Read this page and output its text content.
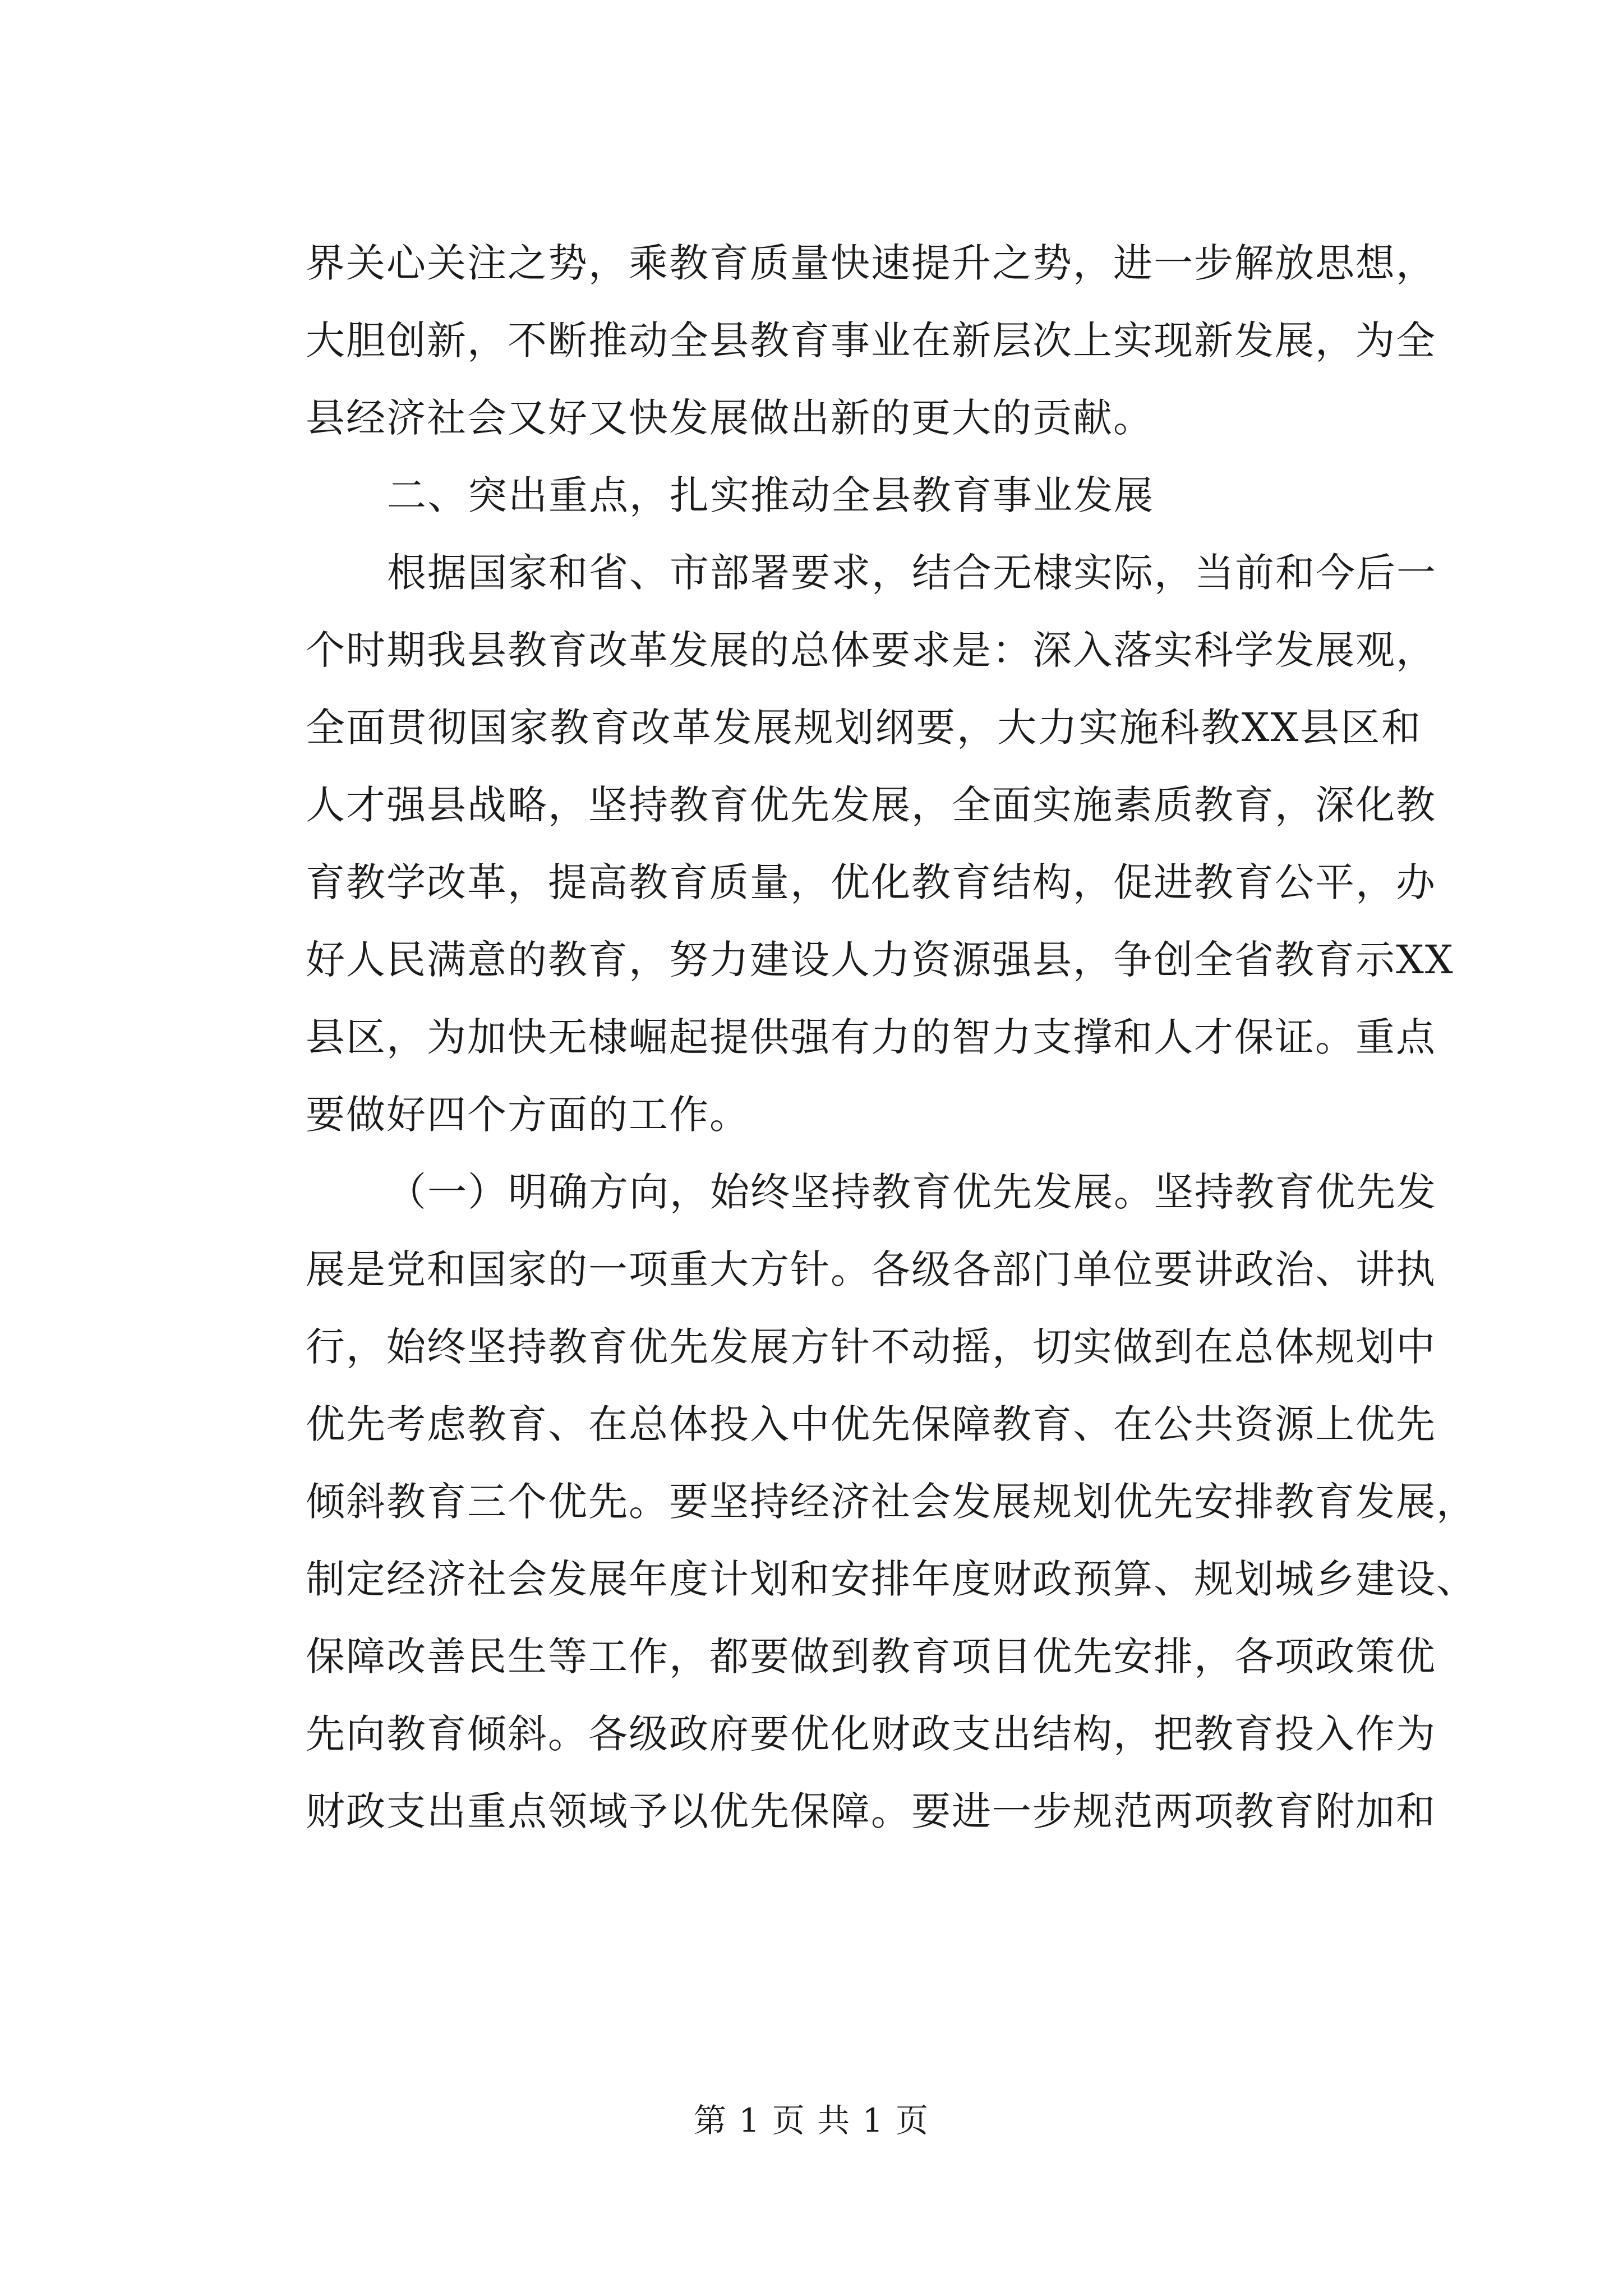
界关心关注之势，乘教育质量快速提升之势，进一步解放思想，
大胆创新，不断推动全县教育事业在新层次上实现新发展，为全
县经济社会又好又快发展做出新的更大的贡献。
二、突出重点，扎实推动全县教育事业发展
根据国家和省、市部署要求，结合无棣实际，当前和今后一
个时期我县教育改革发展的总体要求是：深入落实科学发展观，
全面贯彻国家教育改革发展规划纲要，大力实施科教XX县区和
人才强县战略，坚持教育优先发展，全面实施素质教育，深化教
育教学改革，提高教育质量，优化教育结构，促进教育公平，办
好人民满意的教育，努力建设人力资源强县，争创全省教育示XX
县区，为加快无棣崛起提供强有力的智力支撑和人才保证。重点
要做好四个方面的工作。
（一）明确方向，始终坚持教育优先发展。坚持教育优先发
展是党和国家的一项重大方针。各级各部门单位要讲政治、讲执
行，始终坚持教育优先发展方针不动摇，切实做到在总体规划中
优先考虑教育、在总体投入中优先保障教育、在公共资源上优先
倾斜教育三个优先。要坚持经济社会发展规划优先安排教育发展，
制定经济社会发展年度计划和安排年度财政预算、规划城乡建设、
保障改善民生等工作，都要做到教育项目优先安排，各项政策优
先向教育倾斜。各级政府要优化财政支出结构，把教育投入作为
财政支出重点领域予以优先保障。要进一步规范两项教育附加和
第 1 页 共 1 页
